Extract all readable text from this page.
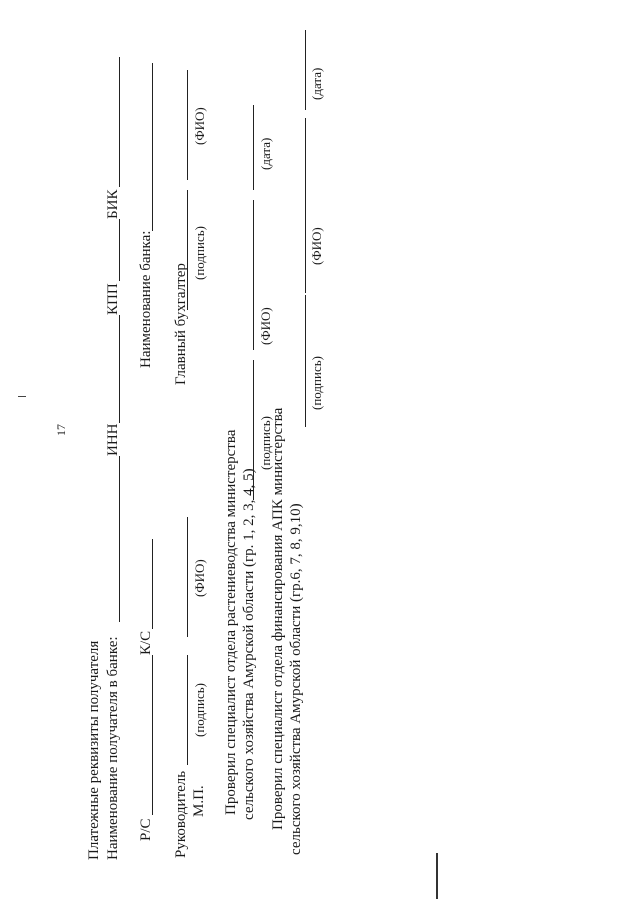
17
Платежные реквизиты получателя Наименование получателя в банке:
ИНН
КПП
БИК
Р/С
К/С
Наименование банка:
Руководитель М.П.
(подпись)
(ФИО)
Главный бухгалтер
(подпись)
(ФИО)
Проверил специалист отдела растениеводства министерства сельского хозяйства Амурской области (гр. 1, 2, 3, 4, 5)
(подпись)
(ФИО)
(дата)
Проверил специалист отдела финансирования АПК министерства сельского хозяйства Амурской области (гр.6, 7, 8, 9,10)
(подпись)
(ФИО)
(дата)
